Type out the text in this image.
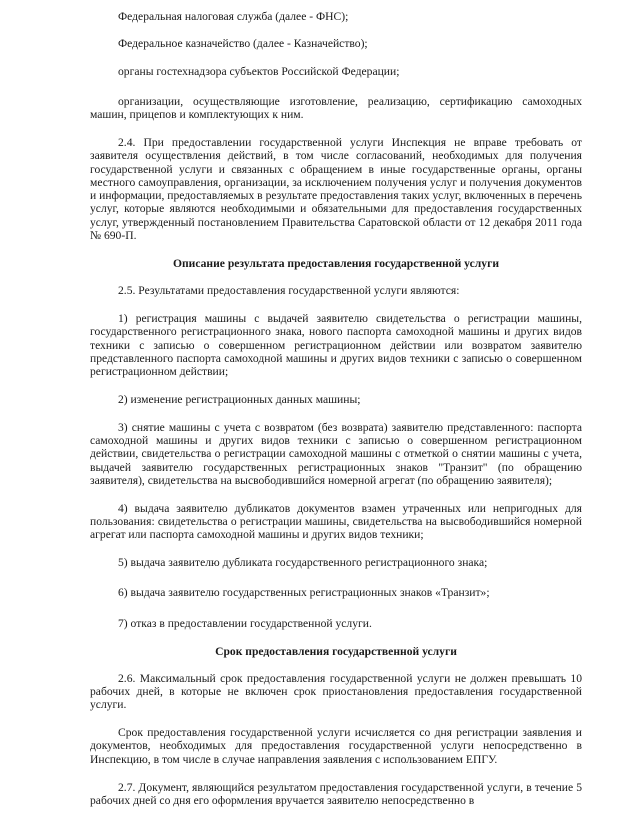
Федеральная налоговая служба (далее - ФНС);

Федеральное казначейство (далее - Казначейство);

органы гостехнадзора субъектов Российской Федерации;

организации, осуществляющие изготовление, реализацию, сертификацию самоходных машин, прицепов и комплектующих к ним.

2.4. При предоставлении государственной услуги Инспекция не вправе требовать от заявителя осуществления действий, в том числе согласований, необходимых для получения государственной услуги и связанных с обращением в иные государственные органы, органы местного самоуправления, организации, за исключением получения услуг и получения документов и информации, предоставляемых в результате предоставления таких услуг, включенных в перечень услуг, которые являются необходимыми и обязательными для предоставления государственных услуг, утвержденный постановлением Правительства Саратовской области от 12 декабря 2011 года № 690-П.

Описание результата предоставления государственной услуги

2.5. Результатами предоставления государственной услуги являются:

1) регистрация машины с выдачей заявителю свидетельства о регистрации машины, государственного регистрационного знака, нового паспорта самоходной машины и других видов техники с записью о совершенном регистрационном действии или возвратом заявителю представленного паспорта самоходной машины и других видов техники с записью о совершенном регистрационном действии;

2) изменение регистрационных данных машины;

3) снятие машины с учета с возвратом (без возврата) заявителю представленного: паспорта самоходной машины и других видов техники с записью о совершенном регистрационном действии, свидетельства о регистрации самоходной машины с отметкой о снятии машины с учета, выдачей заявителю государственных регистрационных знаков "Транзит" (по обращению заявителя), свидетельства на высвободившийся номерной агрегат (по обращению заявителя);

4) выдача заявителю дубликатов документов взамен утраченных или непригодных для пользования: свидетельства о регистрации машины, свидетельства на высвободившийся номерной агрегат или паспорта самоходной машины и других видов техники;

5) выдача заявителю дубликата государственного регистрационного знака;

6) выдача заявителю государственных регистрационных знаков «Транзит»;

7) отказ в предоставлении государственной услуги.

Срок предоставления государственной услуги

2.6. Максимальный срок предоставления государственной услуги не должен превышать 10 рабочих дней, в которые не включен срок приостановления предоставления государственной услуги.

Срок предоставления государственной услуги исчисляется со дня регистрации заявления и документов, необходимых для предоставления государственной услуги непосредственно в Инспекцию, в том числе в случае направления заявления с использованием ЕПГУ.

2.7. Документ, являющийся результатом предоставления государственной услуги, в течение 5 рабочих дней со дня его оформления вручается заявителю непосредственно в
